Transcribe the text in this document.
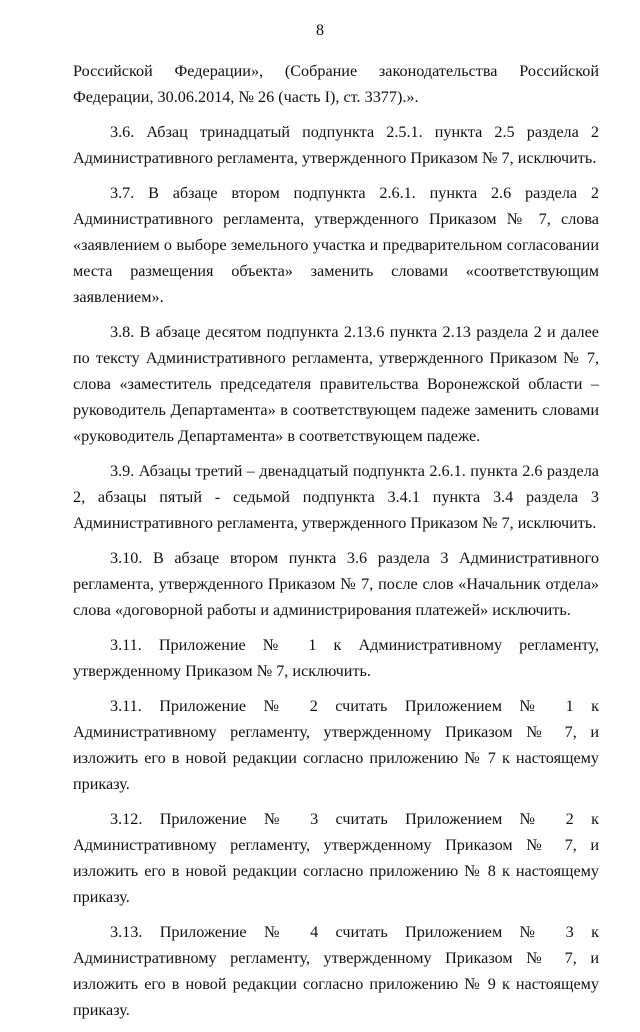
8

Российской Федерации», (Собрание законодательства Российской Федерации, 30.06.2014, № 26 (часть I), ст. 3377).».

3.6. Абзац тринадцатый подпункта 2.5.1. пункта 2.5 раздела 2 Административного регламента, утвержденного Приказом № 7, исключить.

3.7. В абзаце втором подпункта 2.6.1. пункта 2.6 раздела 2 Административного регламента, утвержденного Приказом № 7, слова «заявлением о выборе земельного участка и предварительном согласовании места размещения объекта» заменить словами «соответствующим заявлением».

3.8. В абзаце десятом подпункта 2.13.6 пункта 2.13 раздела 2 и далее по тексту Административного регламента, утвержденного Приказом № 7, слова «заместитель председателя правительства Воронежской области – руководитель Департамента» в соответствующем падеже заменить словами «руководитель Департамента» в соответствующем падеже.

3.9. Абзацы третий – двенадцатый подпункта 2.6.1. пункта 2.6 раздела 2, абзацы пятый - седьмой подпункта 3.4.1 пункта 3.4 раздела 3 Административного регламента, утвержденного Приказом № 7, исключить.

3.10. В абзаце втором пункта 3.6 раздела 3 Административного регламента, утвержденного Приказом № 7, после слов «Начальник отдела» слова «договорной работы и администрирования платежей» исключить.

3.11. Приложение № 1 к Административному регламенту, утвержденному Приказом № 7, исключить.

3.11. Приложение № 2 считать Приложением № 1 к Административному регламенту, утвержденному Приказом № 7, и изложить его в новой редакции согласно приложению № 7 к настоящему приказу.

3.12. Приложение № 3 считать Приложением № 2 к Административному регламенту, утвержденному Приказом № 7, и изложить его в новой редакции согласно приложению № 8 к настоящему приказу.

3.13. Приложение № 4 считать Приложением № 3 к Административному регламенту, утвержденному Приказом № 7, и изложить его в новой редакции согласно приложению № 9 к настоящему приказу.
